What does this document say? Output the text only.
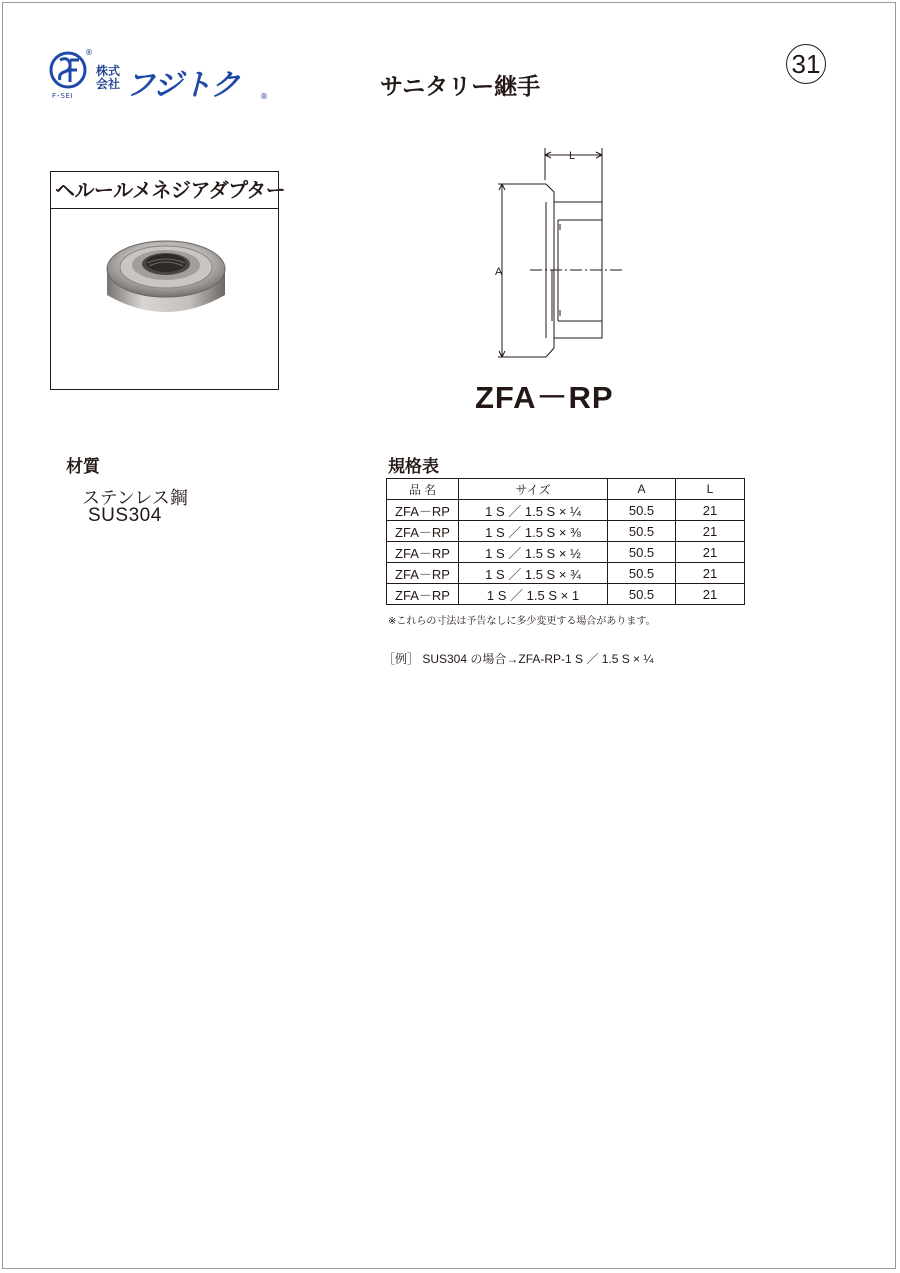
®
F･SEI
株式
会社 フジトク	®	サニタリー継手
31
ヘルールメネジアダプター
L
A
ZFA－RP
材質
ステンレス鋼
SUS304
規格表
品 名	サイズ	A	L
ZFA－RP	1 S ／ 1.5 S × ¼	50.5	21
ZFA－RP	1 S ／ 1.5 S × ⅜	50.5	21
ZFA－RP	1 S ／ 1.5 S × ½	50.5	21
ZFA－RP	1 S ／ 1.5 S × ¾	50.5	21
ZFA－RP	1 S ／ 1.5 S × 1	50.5	21
※これらの寸法は予告なしに多少変更する場合があります。
［例］ SUS304 の場合→ZFA-RP-1 S ／ 1.5 S × ¼
